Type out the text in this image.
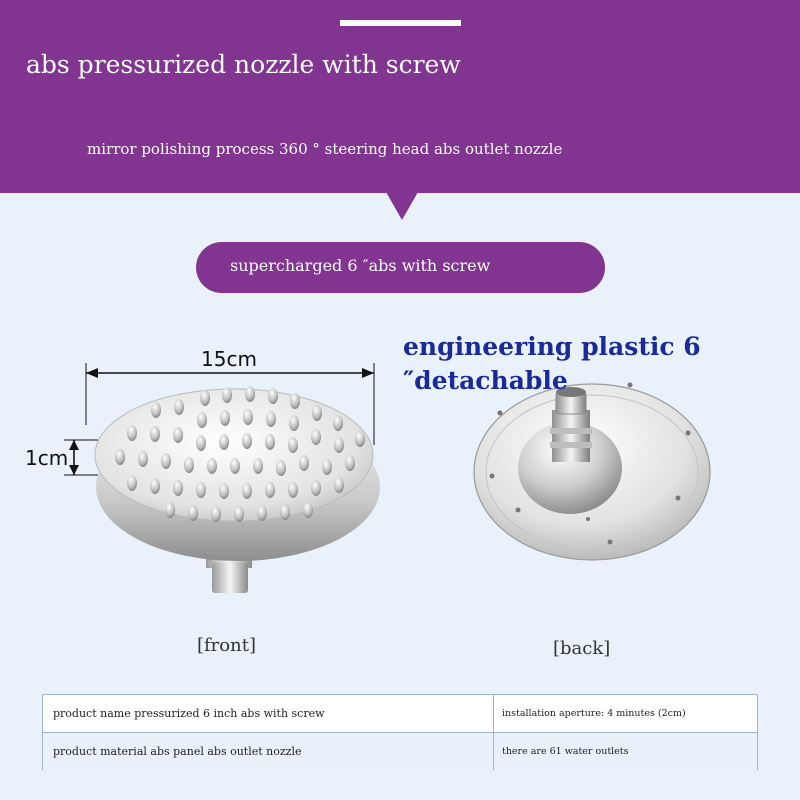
abs pressurized nozzle with screw
mirror polishing process 360 ° steering head abs outlet nozzle
supercharged 6 ″abs with screw
15cm
1cm
engineering plastic 6
″detachable
[front]	[back]
product name pressurized 6 inch abs with screw	installation aperture: 4 minutes (2cm)
product material abs panel abs outlet nozzle	there are 61 water outlets
